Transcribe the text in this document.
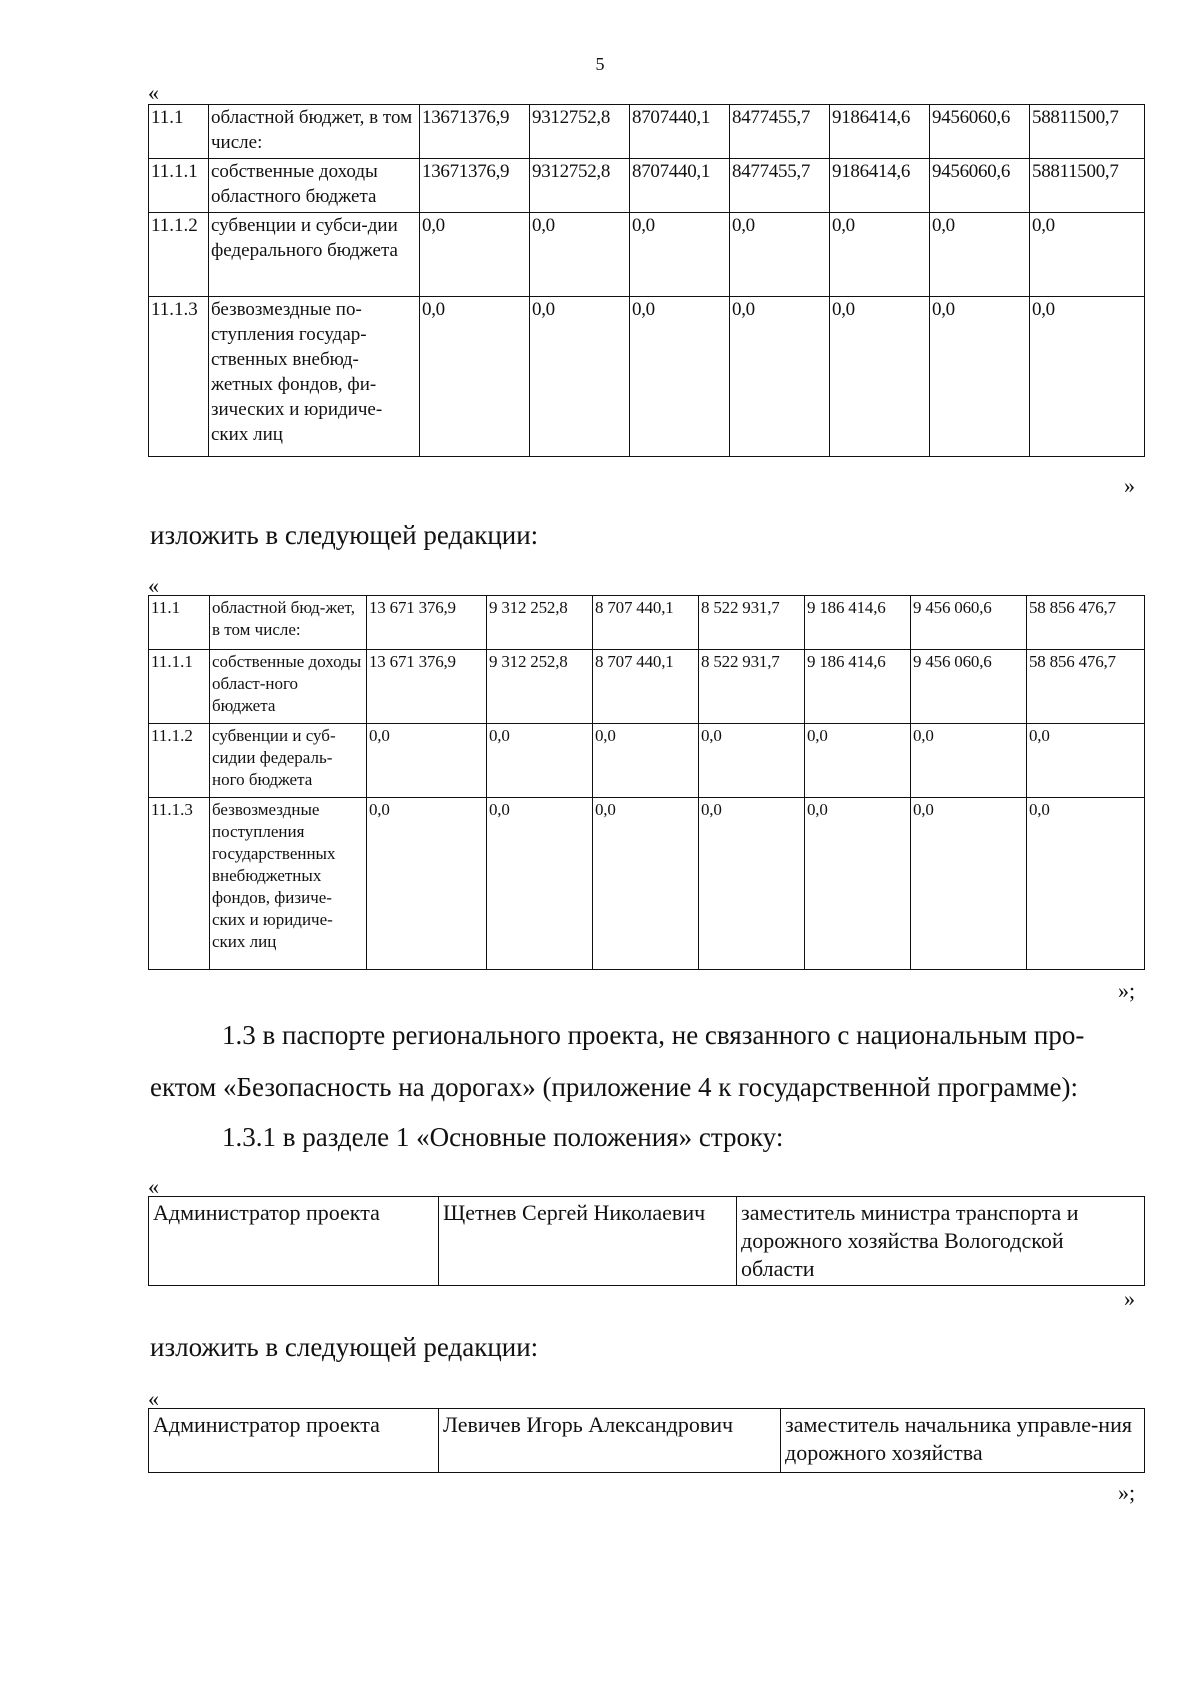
5
«
11.1	областной бюджет, в том числе:	13671376,9	9312752,8	8707440,1	8477455,7	9186414,6	9456060,6	58811500,7
11.1.1	собственные доходы областного бюджета	13671376,9	9312752,8	8707440,1	8477455,7	9186414,6	9456060,6	58811500,7
11.1.2	субвенции и субси-дии федерального бюджета	0,0	0,0	0,0	0,0	0,0	0,0	0,0
11.1.3	безвозмездные по-ступления государ-ственных внебюд-жетных фондов, фи-зических и юридиче-ских лиц	0,0	0,0	0,0	0,0	0,0	0,0	0,0
»
изложить в следующей редакции:
«
11.1	областной бюд-жет, в том числе:	13 671 376,9	9 312 252,8	8 707 440,1	8 522 931,7	9 186 414,6	9 456 060,6	58 856 476,7
11.1.1	собственные доходы област-ного бюджета	13 671 376,9	9 312 252,8	8 707 440,1	8 522 931,7	9 186 414,6	9 456 060,6	58 856 476,7
11.1.2	субвенции и суб-сидии федераль-ного бюджета	0,0	0,0	0,0	0,0	0,0	0,0	0,0
11.1.3	безвозмездные поступления государственных внебюджетных фондов, физиче-ских и юридиче-ских лиц	0,0	0,0	0,0	0,0	0,0	0,0	0,0
»;
1.3 в паспорте регионального проекта, не связанного с национальным про-
ектом «Безопасность на дорогах» (приложение 4 к государственной программе):
1.3.1 в разделе 1 «Основные положения» строку:
«
Администратор проекта	Щетнев Сергей Николаевич	заместитель министра транспорта и дорожного хозяйства Вологодской области
»
изложить в следующей редакции:
«
Администратор проекта	Левичев Игорь Александрович	заместитель начальника управле-ния дорожного хозяйства
»;
